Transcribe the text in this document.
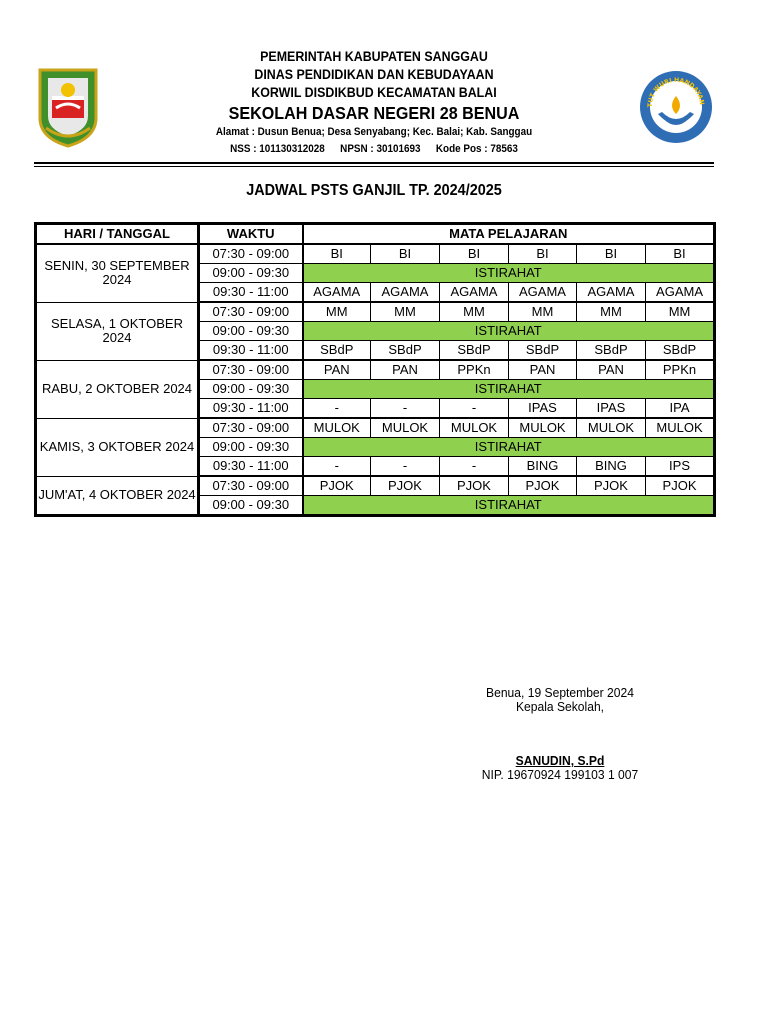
PEMERINTAH KABUPATEN SANGGAU
DINAS PENDIDIKAN DAN KEBUDAYAAN
KORWIL DISDIKBUD KECAMATAN BALAI
SEKOLAH DASAR NEGERI 28 BENUA
Alamat : Dusun Benua; Desa Senyabang; Kec. Balai; Kab. Sanggau
NSS : 101130312028 NPSN : 30101693 Kode Pos : 78563
TUT WURI HANDAYAN
JADWAL PSTS GANJIL TP. 2024/2025
HARI / TANGGAL	WAKTU	MATA PELAJARAN					
SENIN, 30 SEPTEMBER 2024	07:30 - 09:00	BI	BI	BI	BI	BI	BI
	09:00 - 09:30	ISTIRAHAT					
	09:30 - 11:00	AGAMA	AGAMA	AGAMA	AGAMA	AGAMA	AGAMA
SELASA, 1 OKTOBER 2024	07:30 - 09:00	MM	MM	MM	MM	MM	MM
	09:00 - 09:30	ISTIRAHAT					
	09:30 - 11:00	SBdP	SBdP	SBdP	SBdP	SBdP	SBdP
RABU, 2 OKTOBER 2024	07:30 - 09:00	PAN	PAN	PPKn	PAN	PAN	PPKn
	09:00 - 09:30	ISTIRAHAT					
	09:30 - 11:00	-	-	-	IPAS	IPAS	IPA
KAMIS, 3 OKTOBER 2024	07:30 - 09:00	MULOK	MULOK	MULOK	MULOK	MULOK	MULOK
	09:00 - 09:30	ISTIRAHAT					
	09:30 - 11:00	-	-	-	BING	BING	IPS
JUM'AT, 4 OKTOBER 2024	07:30 - 09:00	PJOK	PJOK	PJOK	PJOK	PJOK	PJOK
	09:00 - 09:30	ISTIRAHAT					
Benua, 19 September 2024
Kepala Sekolah,
SANUDIN, S.Pd
NIP. 19670924 199103 1 007
